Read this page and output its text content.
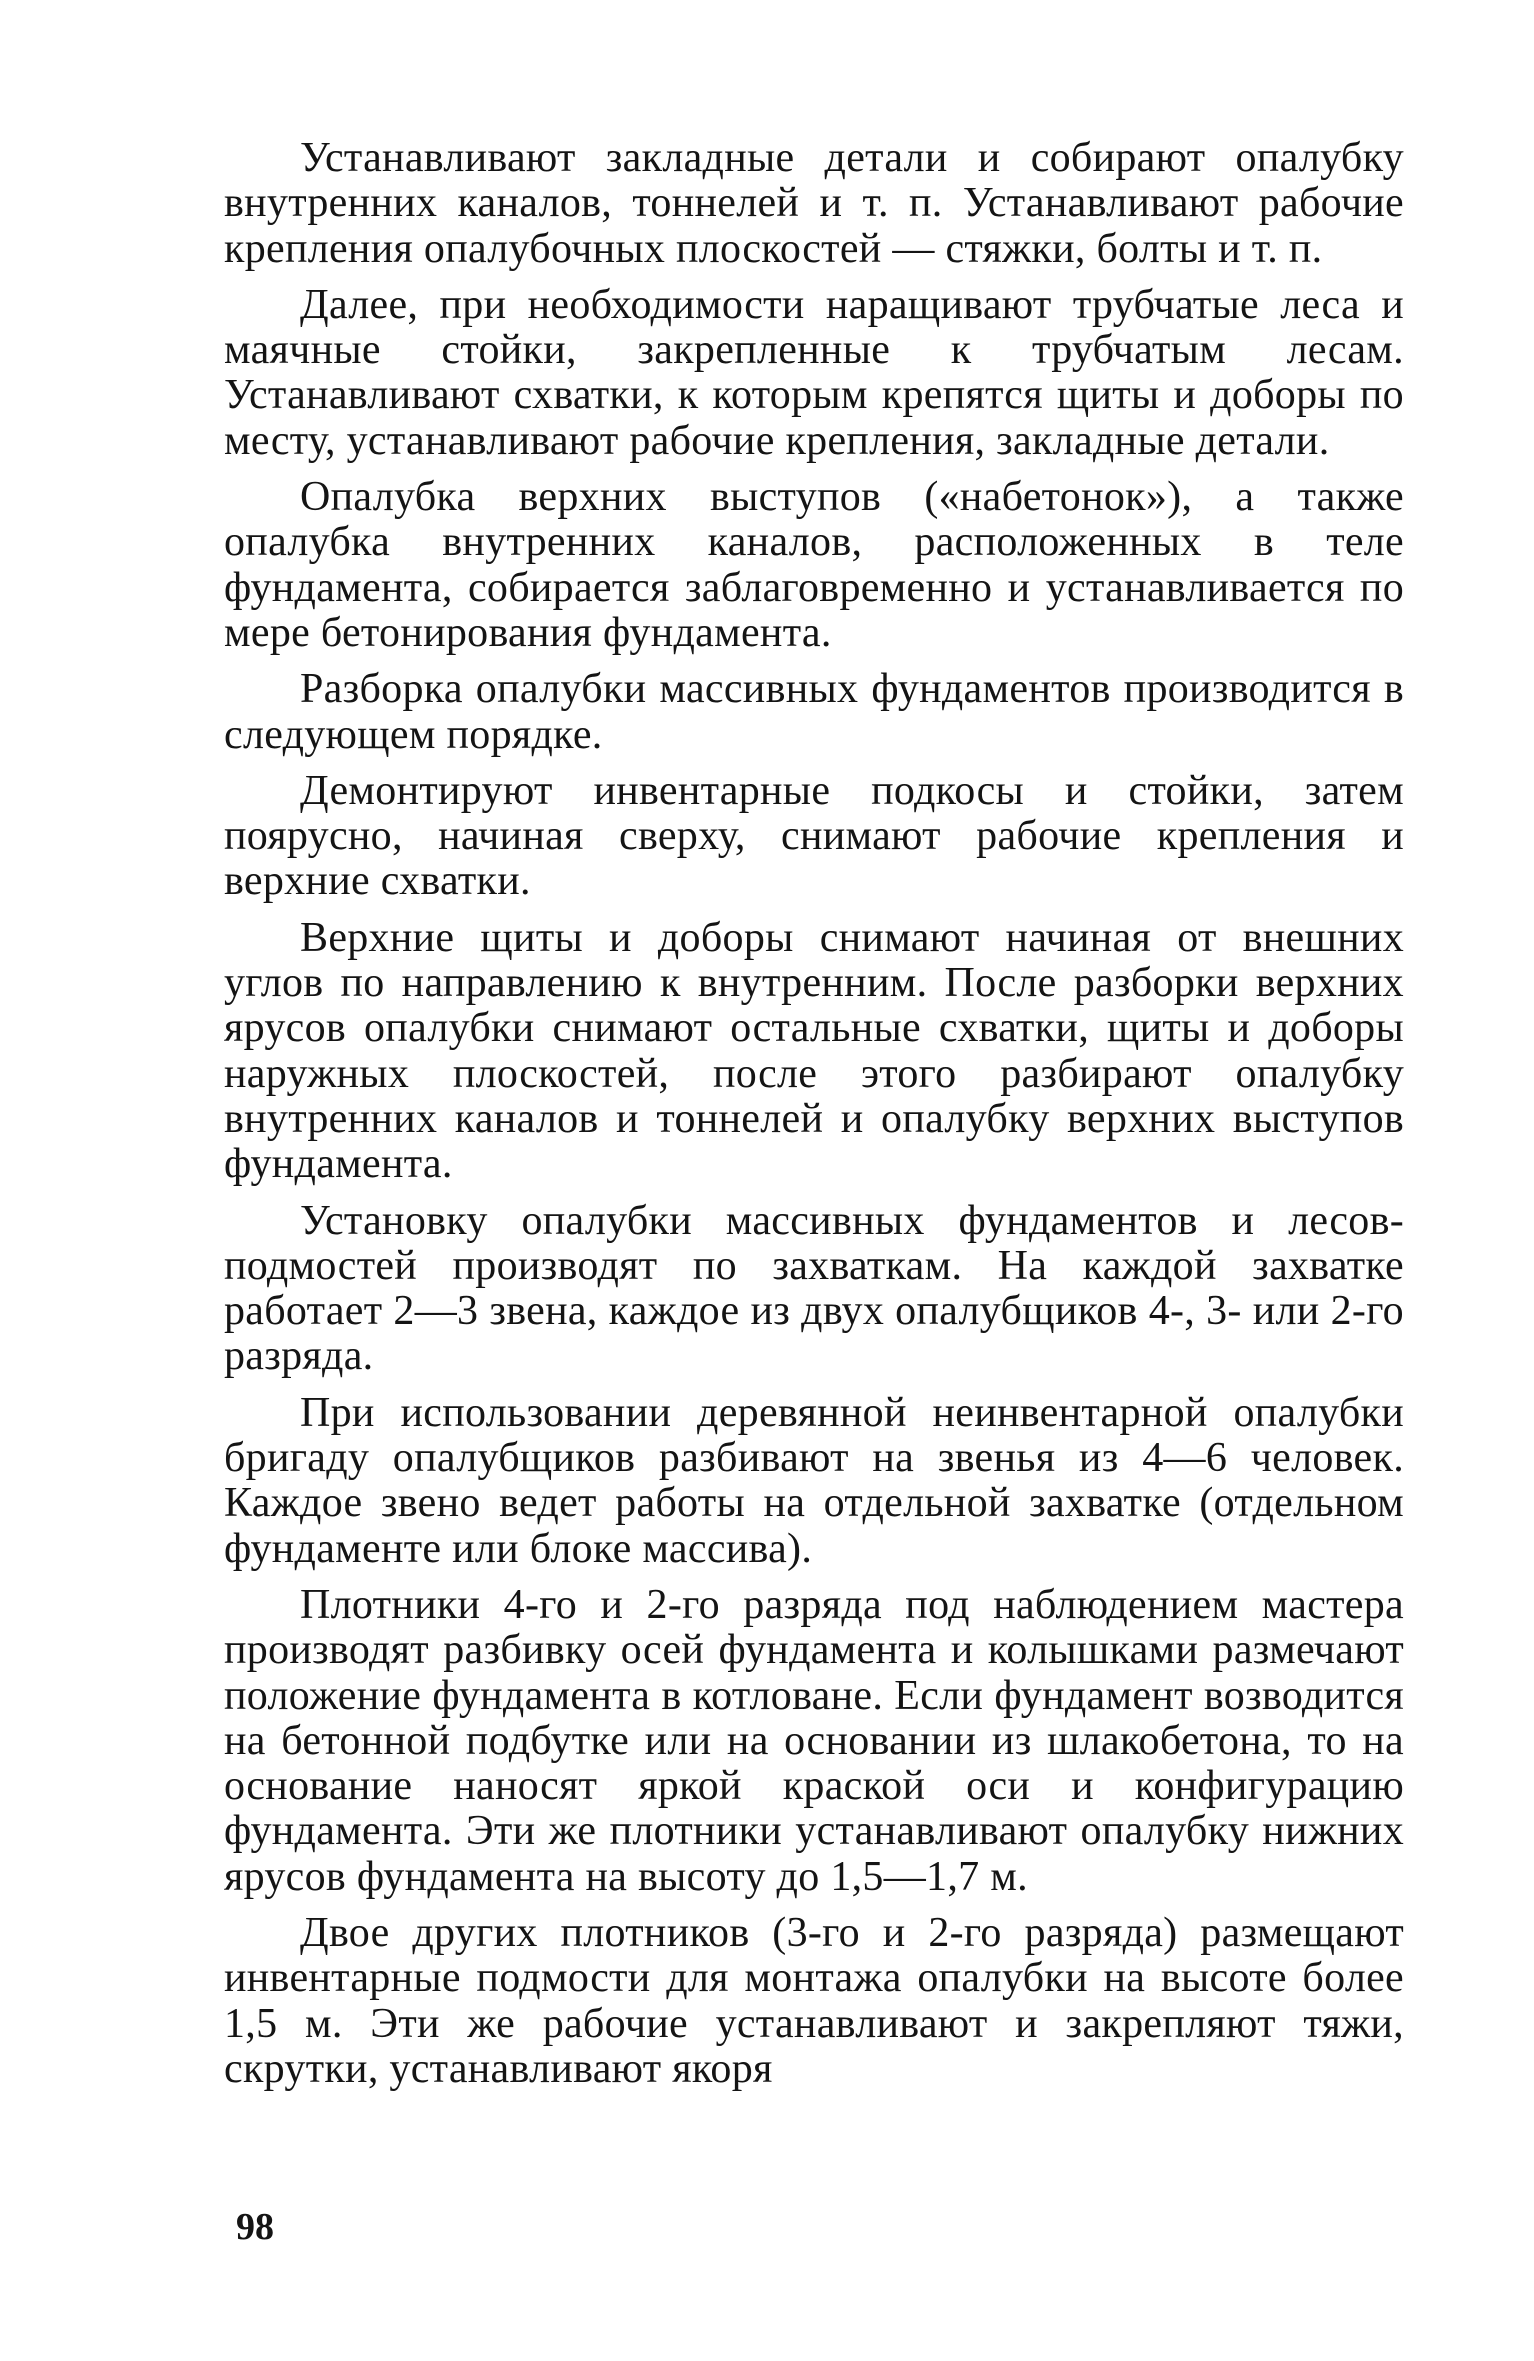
Устанавливают закладные детали и собирают опалубку внутренних каналов, тоннелей и т. п. Устанавливают рабочие крепления опалубочных плоскостей — стяжки, болты и т. п.

Далее, при необходимости наращивают трубчатые леса и маячные стойки, закрепленные к трубчатым лесам. Устанавливают схватки, к которым крепятся щиты и доборы по месту, устанавливают рабочие крепления, закладные детали.

Опалубка верхних выступов («набетонок»), а также опалубка внутренних каналов, расположенных в теле фундамента, собирается заблаговременно и устанавливается по мере бетонирования фундамента.

Разборка опалубки массивных фундаментов производится в следующем порядке.

Демонтируют инвентарные подкосы и стойки, затем поярусно, начиная сверху, снимают рабочие крепления и верхние схватки.

Верхние щиты и доборы снимают начиная от внешних углов по направлению к внутренним. После разборки верхних ярусов опалубки снимают остальные схватки, щиты и доборы наружных плоскостей, после этого разбирают опалубку внутренних каналов и тоннелей и опалубку верхних выступов фундамента.

Установку опалубки массивных фундаментов и лесов-подмостей производят по захваткам. На каждой захватке работает 2—3 звена, каждое из двух опалубщиков 4-, 3- или 2-го разряда.

При использовании деревянной неинвентарной опалубки бригаду опалубщиков разбивают на звенья из 4—6 человек. Каждое звено ведет работы на отдельной захватке (отдельном фундаменте или блоке массива).

Плотники 4-го и 2-го разряда под наблюдением мастера производят разбивку осей фундамента и колышками размечают положение фундамента в котловане. Если фундамент возводится на бетонной подбутке или на основании из шлакобетона, то на основание наносят яркой краской оси и конфигурацию фундамента. Эти же плотники устанавливают опалубку нижних ярусов фундамента на высоту до 1,5—1,7 м.

Двое других плотников (3-го и 2-го разряда) размещают инвентарные подмости для монтажа опалубки на высоте более 1,5 м. Эти же рабочие устанавливают и закрепляют тяжи, скрутки, устанавливают якоря

98
